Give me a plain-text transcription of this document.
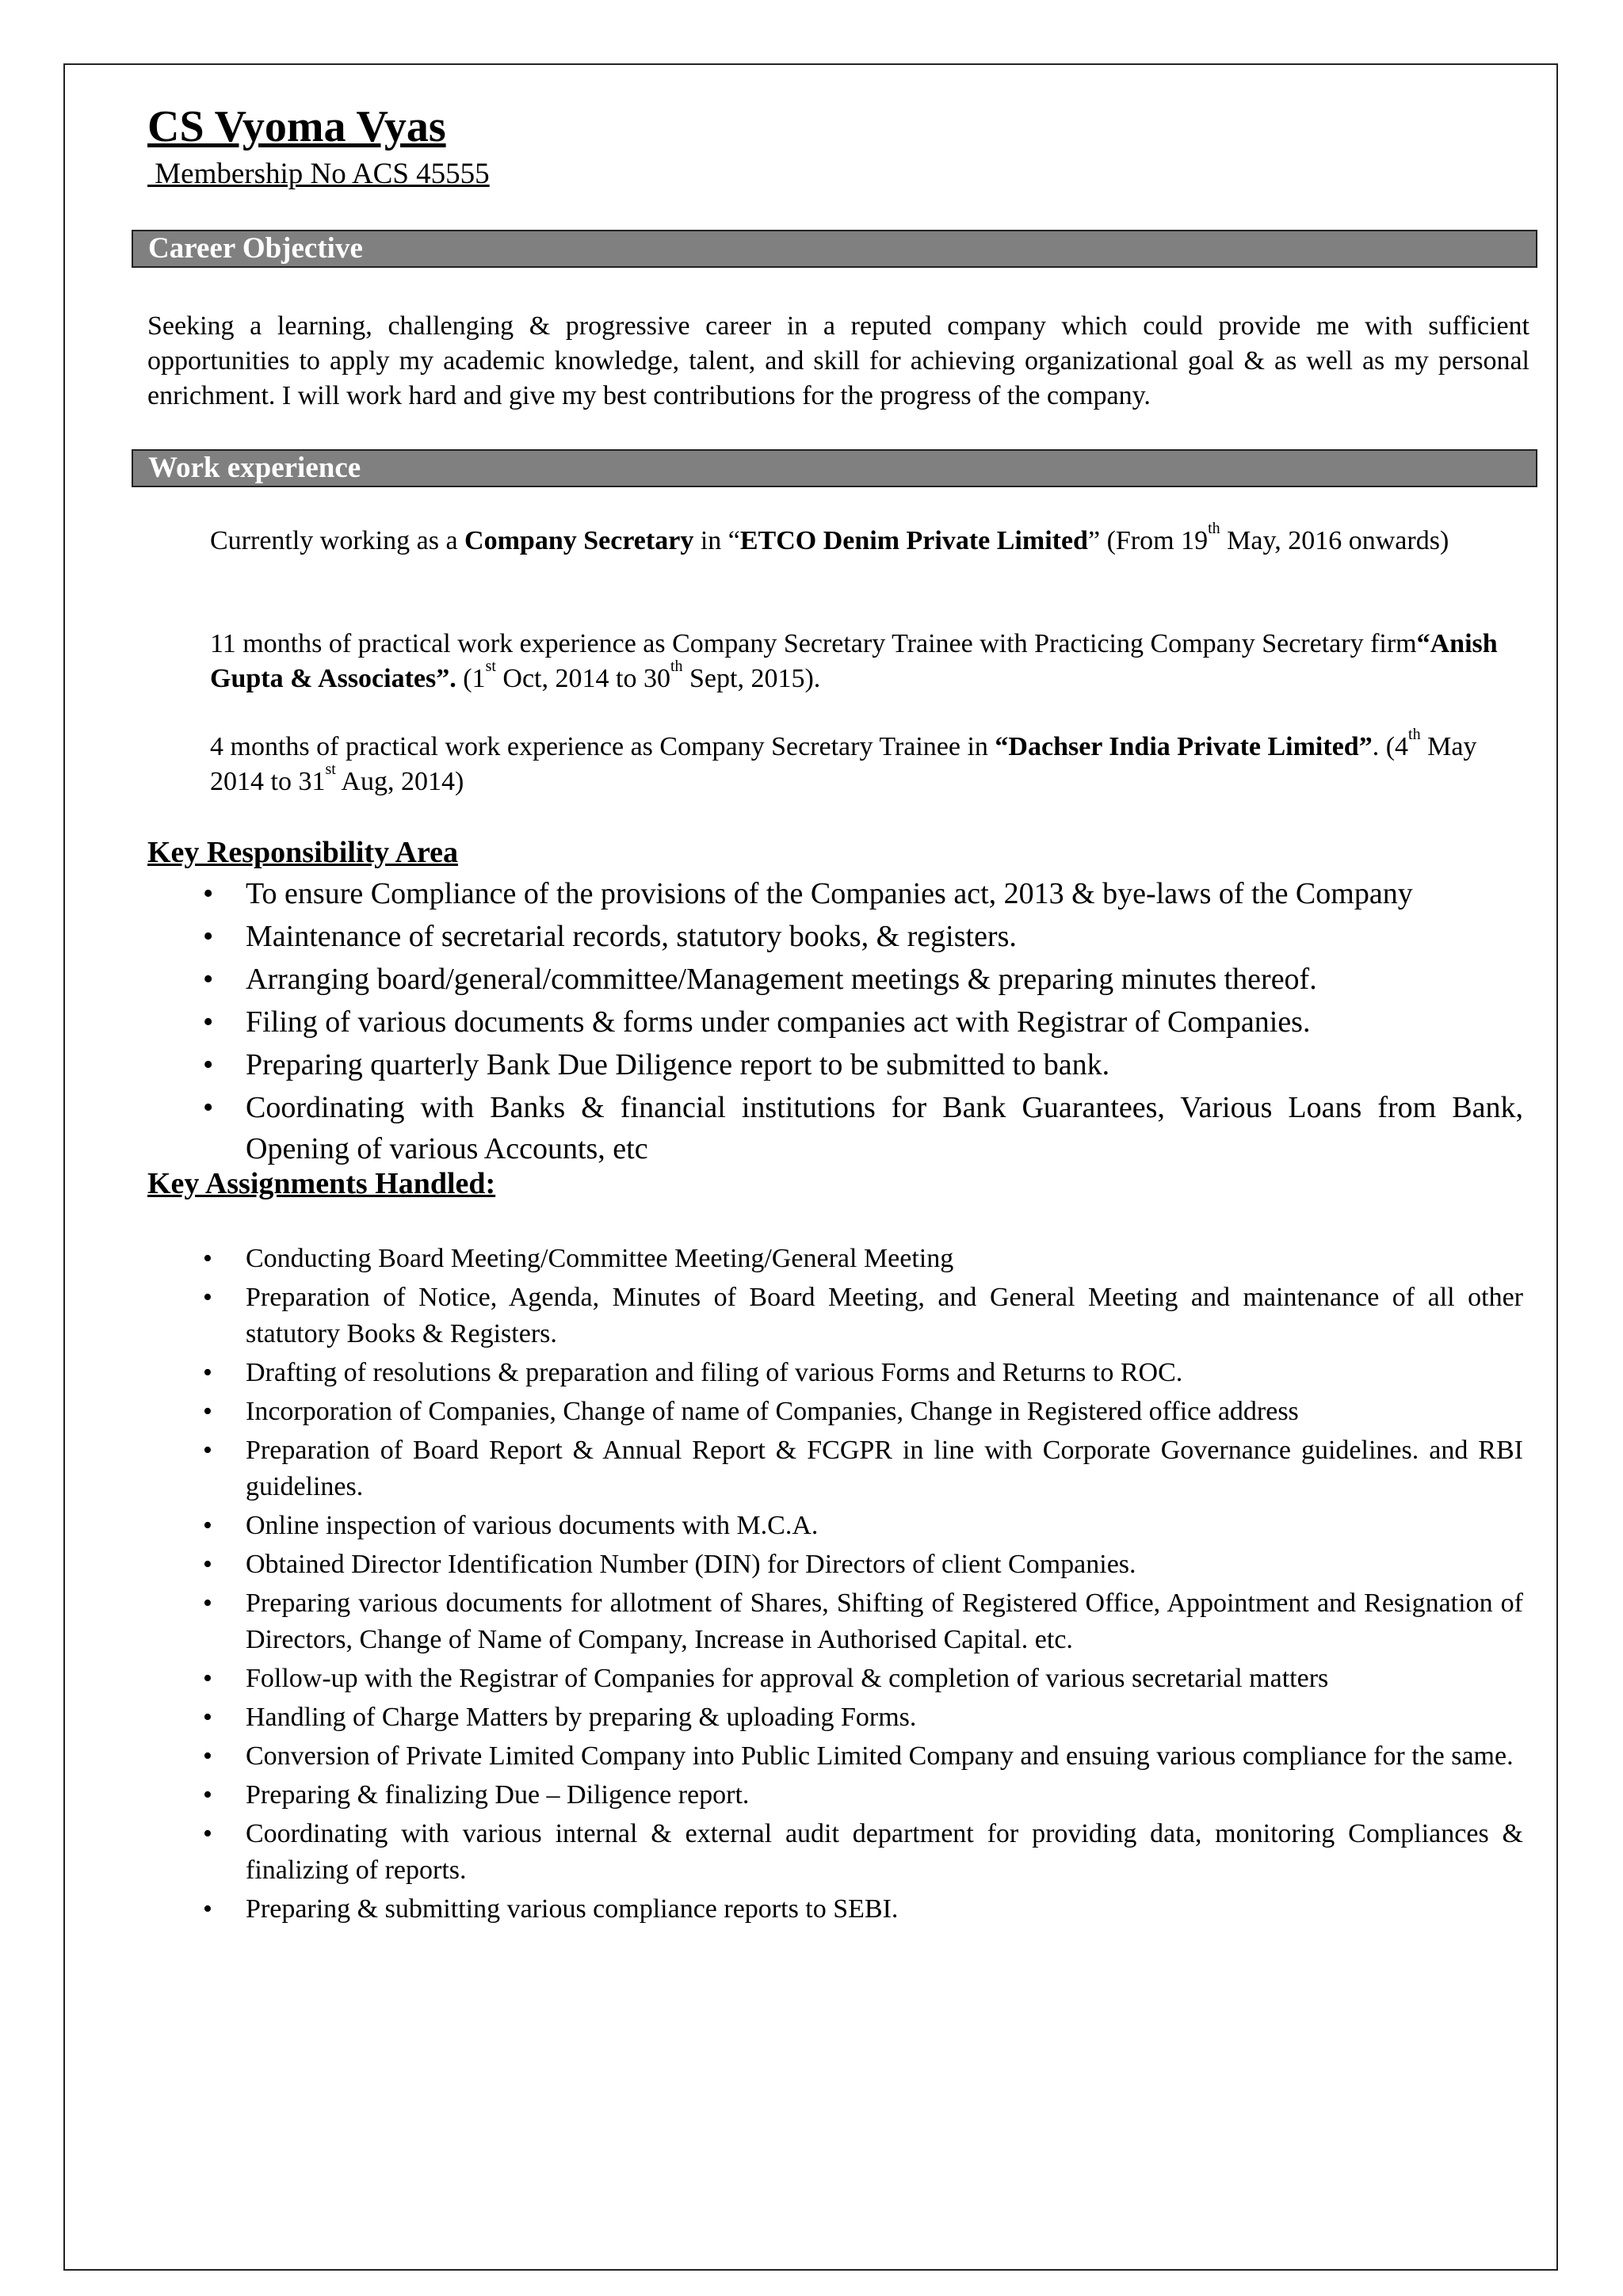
CS Vyoma Vyas
Membership No ACS 45555
Career Objective
Seeking a learning, challenging & progressive career in a reputed company which could provide me with sufficient opportunities to apply my academic knowledge, talent, and skill for achieving organizational goal & as well as my personal enrichment. I will work hard and give my best contributions for the progress of the company.
Work experience
Currently working as a Company Secretary in “ETCO Denim Private Limited” (From 19th May, 2016 onwards)
11 months of practical work experience as Company Secretary Trainee with Practicing Company Secretary firm“Anish Gupta & Associates”. (1st Oct, 2014 to 30th Sept, 2015).
4 months of practical work experience as Company Secretary Trainee in “Dachser India Private Limited”. (4th May 2014 to 31st Aug, 2014)
Key Responsibility Area
• To ensure Compliance of the provisions of the Companies act, 2013 & bye-laws of the Company
• Maintenance of secretarial records, statutory books, & registers.
• Arranging board/general/committee/Management meetings & preparing minutes thereof.
• Filing of various documents & forms under companies act with Registrar of Companies.
• Preparing quarterly Bank Due Diligence report to be submitted to bank.
• Coordinating with Banks & financial institutions for Bank Guarantees, Various Loans from Bank, Opening of various Accounts, etc
Key Assignments Handled:
• Conducting Board Meeting/Committee Meeting/General Meeting
• Preparation of Notice, Agenda, Minutes of Board Meeting, and General Meeting and maintenance of all other statutory Books & Registers.
• Drafting of resolutions & preparation and filing of various Forms and Returns to ROC.
• Incorporation of Companies, Change of name of Companies, Change in Registered office address
• Preparation of Board Report & Annual Report & FCGPR in line with Corporate Governance guidelines. and RBI guidelines.
• Online inspection of various documents with M.C.A.
• Obtained Director Identification Number (DIN) for Directors of client Companies.
• Preparing various documents for allotment of Shares, Shifting of Registered Office, Appointment and Resignation of Directors, Change of Name of Company, Increase in Authorised Capital. etc.
• Follow-up with the Registrar of Companies for approval & completion of various secretarial matters
• Handling of Charge Matters by preparing & uploading Forms.
• Conversion of Private Limited Company into Public Limited Company and ensuing various compliance for the same.
• Preparing & finalizing Due – Diligence report.
• Coordinating with various internal & external audit department for providing data, monitoring Compliances & finalizing of reports.
• Preparing & submitting various compliance reports to SEBI.
